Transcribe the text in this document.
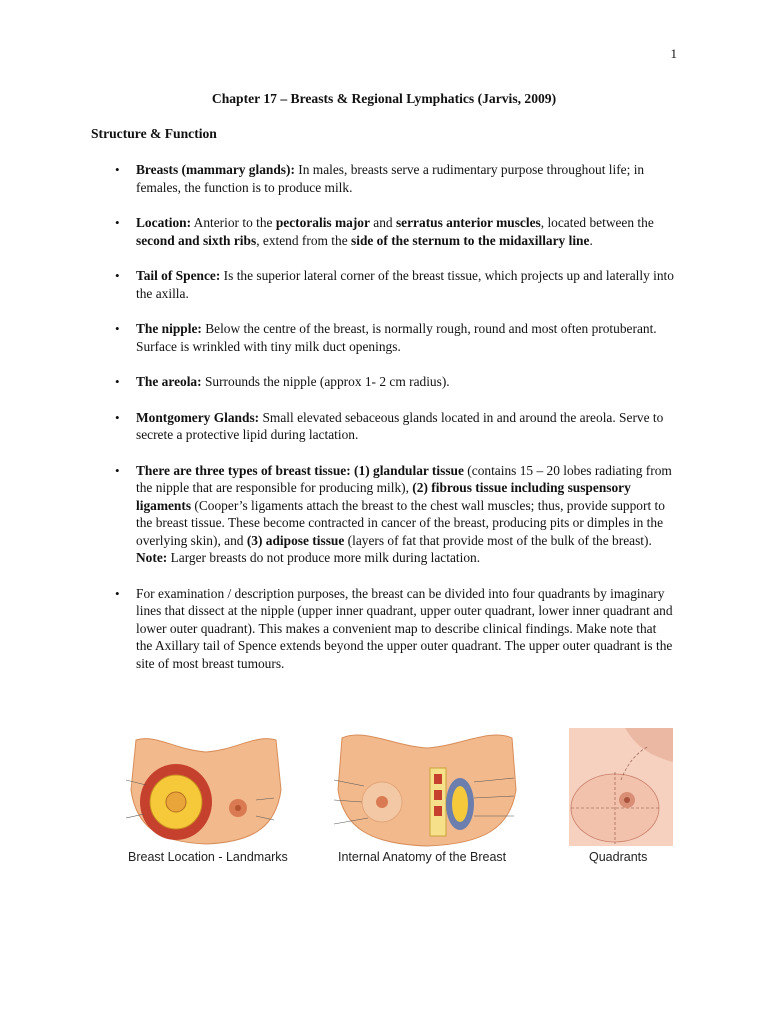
1
Chapter 17 – Breasts & Regional Lymphatics (Jarvis, 2009)
Structure & Function
• Breasts (mammary glands): In males, breasts serve a rudimentary purpose throughout life; in females, the function is to produce milk.
• Location: Anterior to the pectoralis major and serratus anterior muscles, located between the second and sixth ribs, extend from the side of the sternum to the midaxillary line.
• Tail of Spence: Is the superior lateral corner of the breast tissue, which projects up and laterally into the axilla.
• The nipple: Below the centre of the breast, is normally rough, round and most often protuberant. Surface is wrinkled with tiny milk duct openings.
• The areola: Surrounds the nipple (approx 1- 2 cm radius).
• Montgomery Glands: Small elevated sebaceous glands located in and around the areola. Serve to secrete a protective lipid during lactation.
• There are three types of breast tissue: (1) glandular tissue (contains 15 – 20 lobes radiating from the nipple that are responsible for producing milk), (2) fibrous tissue including suspensory ligaments (Cooper’s ligaments attach the breast to the chest wall muscles; thus, provide support to the breast tissue. These become contracted in cancer of the breast, producing pits or dimples in the overlying skin), and (3) adipose tissue (layers of fat that provide most of the bulk of the breast). Note: Larger breasts do not produce more milk during lactation.
• For examination / description purposes, the breast can be divided into four quadrants by imaginary lines that dissect at the nipple (upper inner quadrant, upper outer quadrant, lower inner quadrant and lower outer quadrant). This makes a convenient map to describe clinical findings. Make note that the Axillary tail of Spence extends beyond the upper outer quadrant. The upper outer quadrant is the site of most breast tumours.
Breast Location - Landmarks	Internal Anatomy of the Breast	Quadrants
